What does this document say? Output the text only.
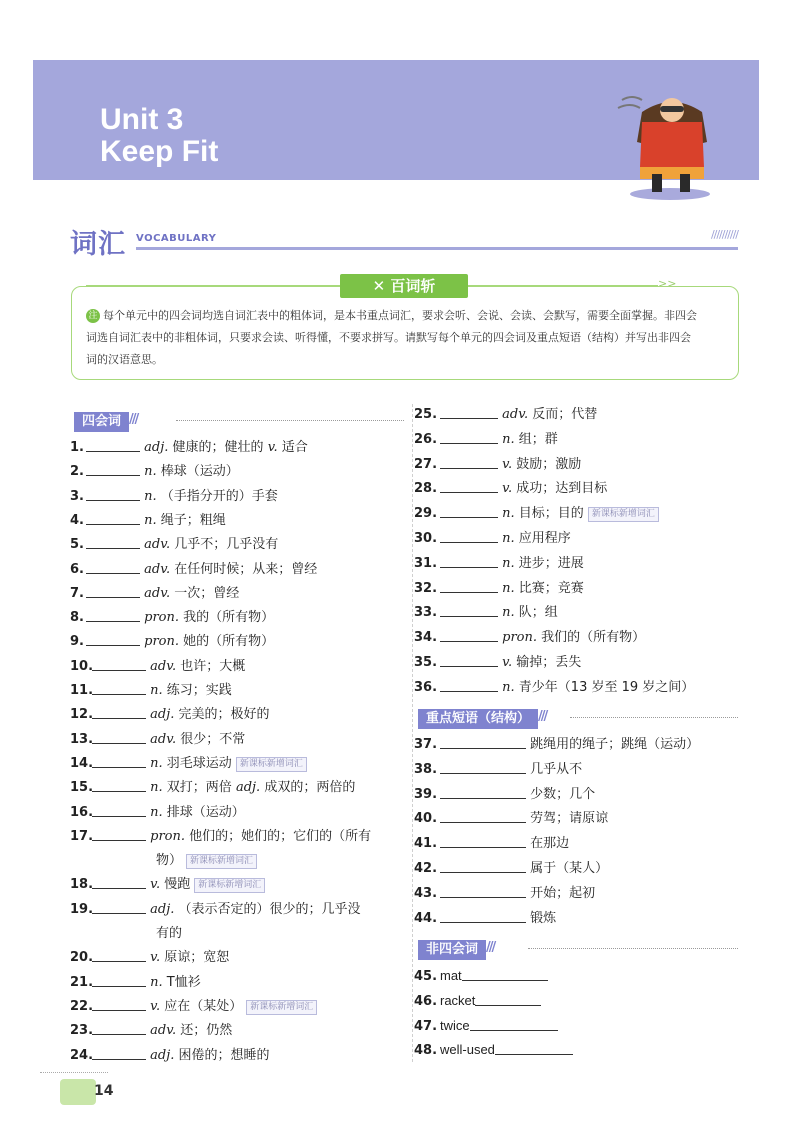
Unit 3
Keep Fit
词汇 VOCABULARY	//////////
>>
注 每个单元中的四会词均选自词汇表中的粗体词，是本书重点词汇，要求会听、会说、会读、会默写，需要全面掌握。非四会
词选自词汇表中的非粗体词，只要求会读、听得懂，不要求拼写。请默写每个单元的四会词及重点短语（结构）并写出非四会
词的汉语意思。
✕ 百词斩
四会词///
1.	adj. 健康的；健壮的 v. 适合
2.	n. 棒球（运动）
3.	n. （手指分开的）手套
4.	n. 绳子；粗绳
5.	adv. 几乎不；几乎没有
6.	adv. 在任何时候；从来；曾经
7.	adv. 一次；曾经
8.	pron. 我的（所有物）
9.	pron. 她的（所有物）
10.	adv. 也许；大概
11.	n. 练习；实践
12.	adj. 完美的；极好的
13.	adv. 很少；不常
14.	n. 羽毛球运动 新课标新增词汇
15.	n. 双打；两倍 adj. 成双的；两倍的
16.	n. 排球（运动）
17.	pron. 他们的；她们的；它们的（所有
物） 新课标新增词汇
18.	v. 慢跑 新课标新增词汇
19.	adj. （表示否定的）很少的；几乎没
有的
20.	v. 原谅；宽恕
21.	n. T恤衫
22.	v. 应在（某处） 新课标新增词汇
23.	adv. 还；仍然
24.	adj. 困倦的；想睡的
25.	adv. 反而；代替
26.	n. 组；群
27.	v. 鼓励；激励
28.	v. 成功；达到目标
29.	n. 目标；目的 新课标新增词汇
30.	n. 应用程序
31.	n. 进步；进展
32.	n. 比赛；竞赛
33.	n. 队；组
34.	pron. 我们的（所有物）
35.	v. 输掉；丢失
36.	n. 青少年（13 岁至 19 岁之间）
重点短语（结构）///
37.	跳绳用的绳子；跳绳（运动）
38.	几乎从不
39.	少数；几个
40.	劳驾；请原谅
41.	在那边
42.	属于（某人）
43.	开始；起初
44.	锻炼
非四会词///
45. mat
46. racket
47. twice
48. well-used
14
